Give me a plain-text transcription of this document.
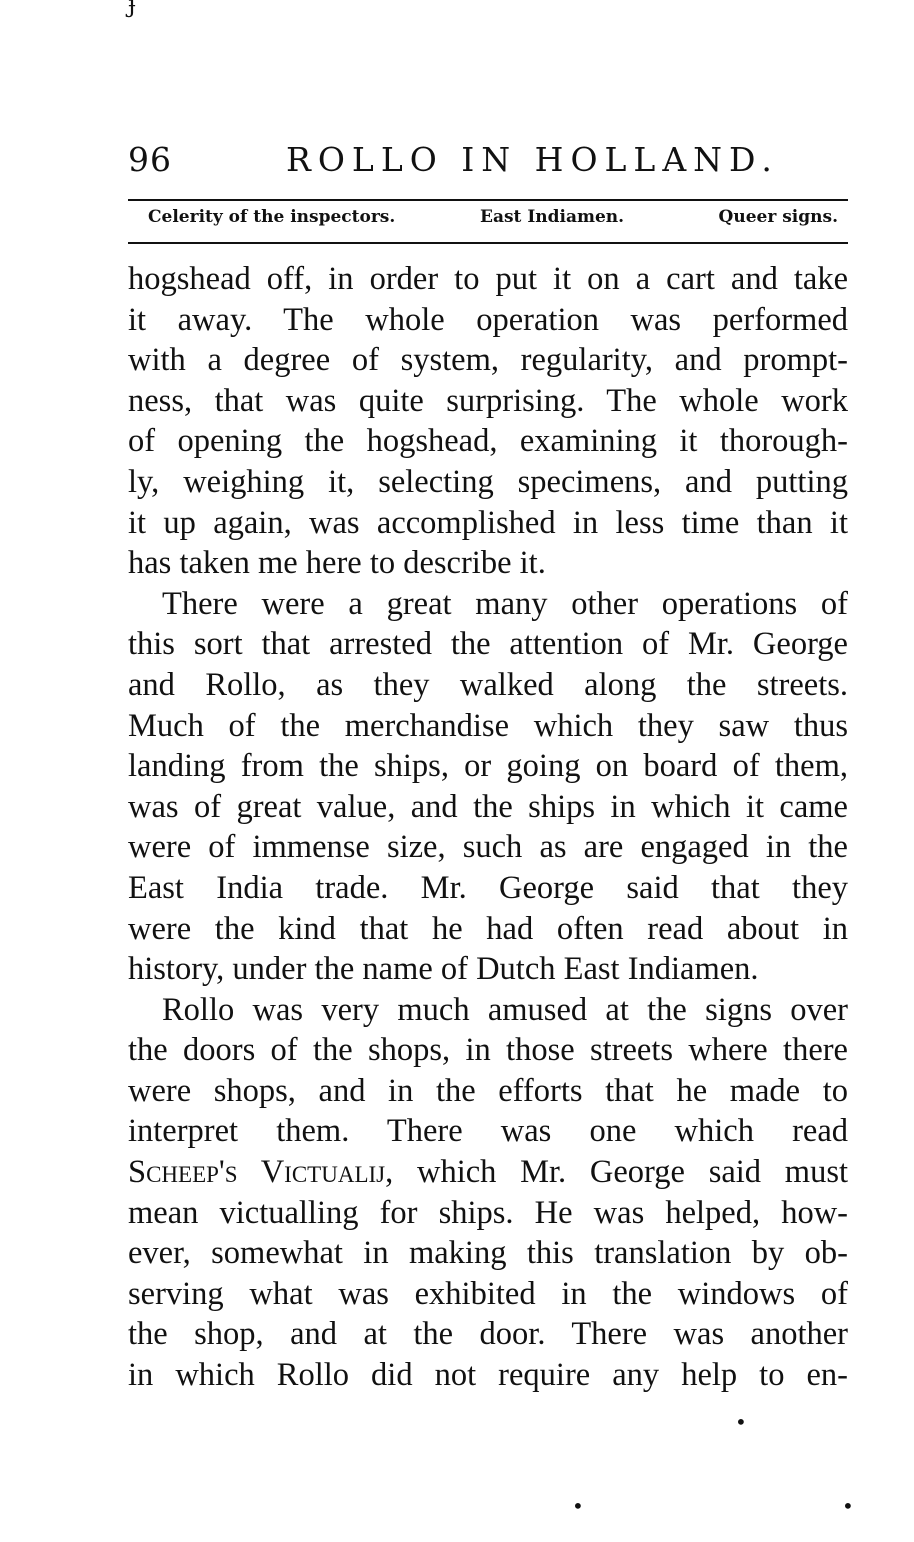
ɟ
96	ROLLO IN HOLLAND.
Celerity of the inspectors.	East Indiamen.	Queer signs.
hogshead off, in order to put it on a cart and take
it away. The whole operation was performed
with a degree of system, regularity, and prompt-
ness, that was quite surprising. The whole work
of opening the hogshead, examining it thorough-
ly, weighing it, selecting specimens, and putting
it up again, was accomplished in less time than it
has taken me here to describe it.
There were a great many other operations of
this sort that arrested the attention of Mr. George
and Rollo, as they walked along the streets.
Much of the merchandise which they saw thus
landing from the ships, or going on board of them,
was of great value, and the ships in which it came
were of immense size, such as are engaged in the
East India trade. Mr. George said that they
were the kind that he had often read about in
history, under the name of Dutch East Indiamen.
Rollo was very much amused at the signs over
the doors of the shops, in those streets where there
were shops, and in the efforts that he made to
interpret them. There was one which read
Scheep's Victualij, which Mr. George said must
mean victualling for ships. He was helped, how-
ever, somewhat in making this translation by ob-
serving what was exhibited in the windows of
the shop, and at the door. There was another
in which Rollo did not require any help to en-
•
•	•
